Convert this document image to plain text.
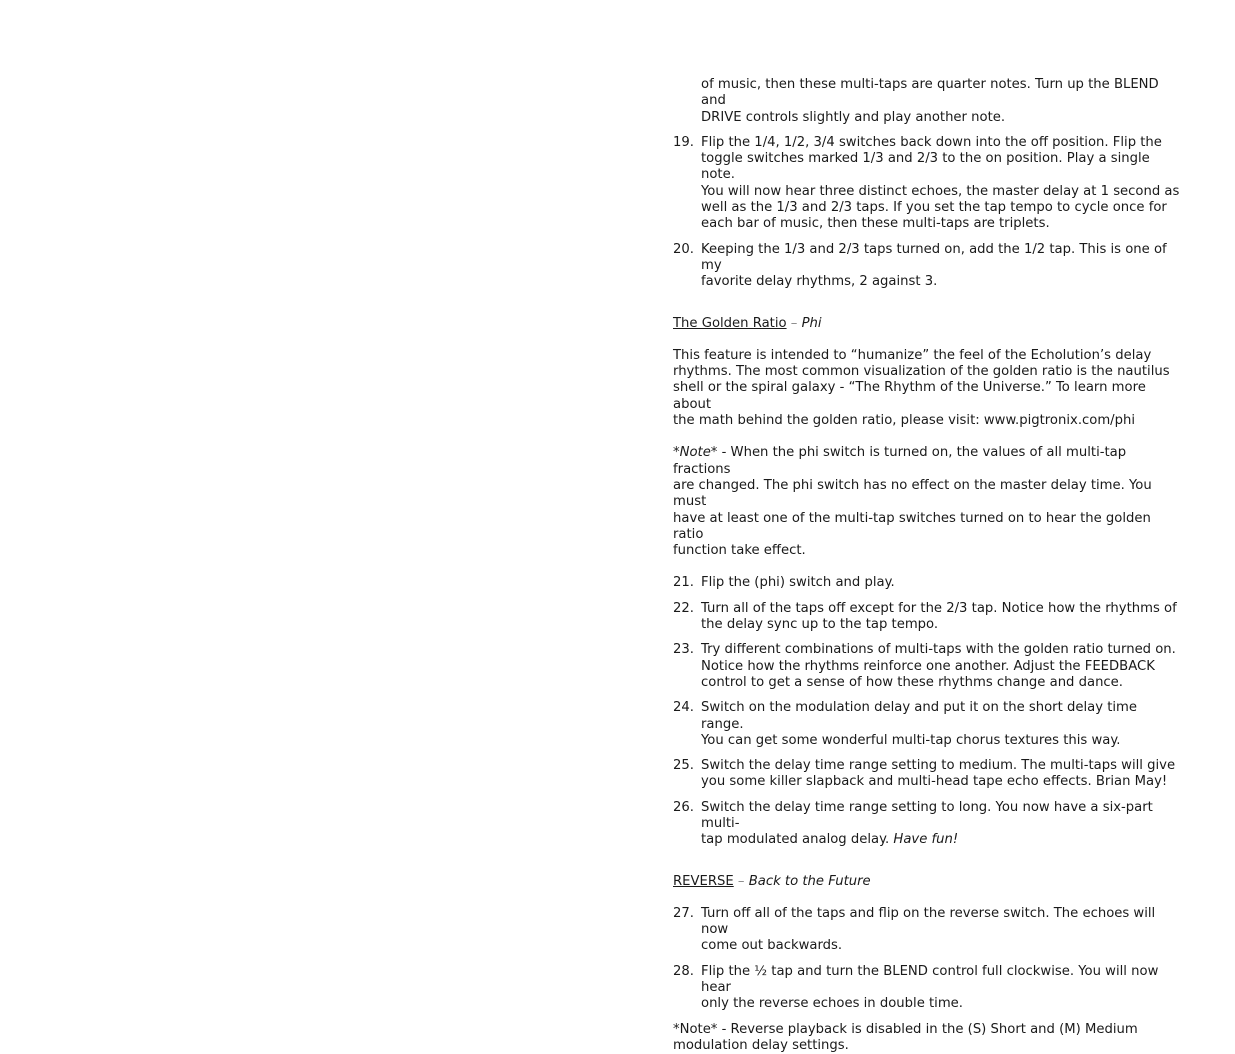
of music, then these multi-taps are quarter notes. Turn up the BLEND and
DRIVE controls slightly and play another note.
19. Flip the 1/4, 1/2, 3/4 switches back down into the off position. Flip the
toggle switches marked 1/3 and 2/3 to the on position. Play a single note.
You will now hear three distinct echoes, the master delay at 1 second as
well as the 1/3 and 2/3 taps. If you set the tap tempo to cycle once for
each bar of music, then these multi-taps are triplets.
20. Keeping the 1/3 and 2/3 taps turned on, add the 1/2 tap. This is one of my
favorite delay rhythms, 2 against 3.
The Golden Ratio – Phi
This feature is intended to “humanize” the feel of the Echolution’s delay
rhythms. The most common visualization of the golden ratio is the nautilus
shell or the spiral galaxy - “The Rhythm of the Universe.” To learn more about
the math behind the golden ratio, please visit: www.pigtronix.com/phi
*Note* - When the phi switch is turned on, the values of all multi-tap fractions
are changed. The phi switch has no effect on the master delay time. You must
have at least one of the multi-tap switches turned on to hear the golden ratio
function take effect.
21. Flip the (phi) switch and play.
22. Turn all of the taps off except for the 2/3 tap. Notice how the rhythms of
the delay sync up to the tap tempo.
23. Try different combinations of multi-taps with the golden ratio turned on.
Notice how the rhythms reinforce one another. Adjust the FEEDBACK
control to get a sense of how these rhythms change and dance.
24. Switch on the modulation delay and put it on the short delay time range.
You can get some wonderful multi-tap chorus textures this way.
25. Switch the delay time range setting to medium. The multi-taps will give
you some killer slapback and multi-head tape echo effects. Brian May!
26. Switch the delay time range setting to long. You now have a six-part multi-
tap modulated analog delay. Have fun!
REVERSE – Back to the Future
27. Turn off all of the taps and flip on the reverse switch. The echoes will now
come out backwards.
28. Flip the ½ tap and turn the BLEND control full clockwise. You will now hear
only the reverse echoes in double time.
*Note* - Reverse playback is disabled in the (S) Short and (M) Medium
modulation delay settings.
